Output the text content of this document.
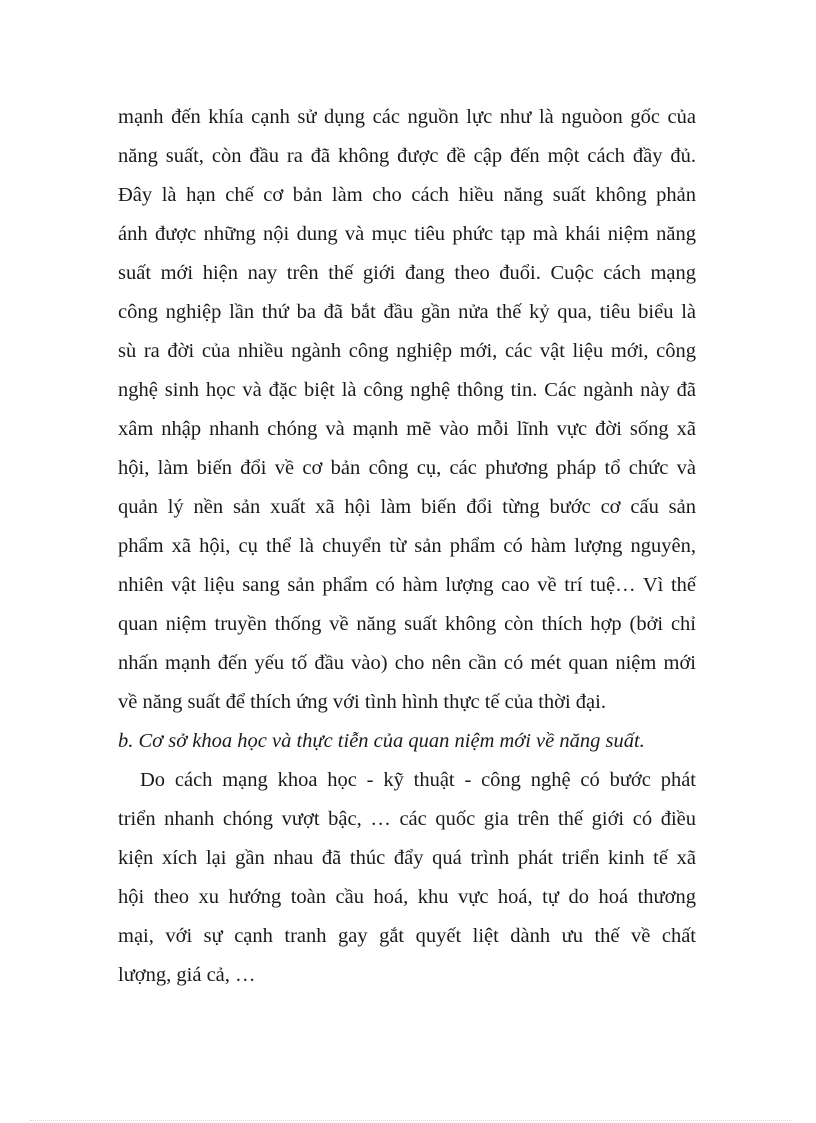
mạnh đến khía cạnh sử dụng các nguồn lực như là nguòon gốc của
năng suất, còn đầu ra đã không được đề cập đến một cách đầy đủ.
Đây là hạn chế cơ bản làm cho cách hiều năng suất không phản
ánh được những nội dung và mục tiêu phức tạp mà khái niệm năng
suất mới hiện nay trên thế giới đang theo đuổi. Cuộc cách mạng
công nghiệp lần thứ ba đã bắt đầu gần nửa thế kỷ qua, tiêu biểu là
sù ra đời của nhiều ngành công nghiệp mới, các vật liệu mới, công
nghệ sinh học và đặc biệt là công nghệ thông tin. Các ngành này đã
xâm nhập nhanh chóng và mạnh mẽ vào mỗi lĩnh vực đời sống xã
hội, làm biến đổi về cơ bản công cụ, các phương pháp tổ chức và
quản lý nền sản xuất xã hội làm biến đổi từng bước cơ cấu sản
phẩm xã hội, cụ thể là chuyển từ sản phẩm có hàm lượng nguyên,
nhiên vật liệu sang sản phẩm có hàm lượng cao về trí tuệ… Vì thế
quan niệm truyền thống về năng suất không còn thích hợp (bởi chỉ
nhấn mạnh đến yếu tố đầu vào) cho nên cần có mét quan niệm mới
về năng suất để thích ứng với tình hình thực tế của thời đại.
b. Cơ sở khoa học và thực tiễn của quan niệm mới về năng suất.
Do cách mạng khoa học - kỹ thuật - công nghệ có bước phát
triển nhanh chóng vượt bậc, … các quốc gia trên thế giới có điều
kiện xích lại gần nhau đã thúc đẩy quá trình phát triển kinh tế xã
hội theo xu hướng toàn cầu hoá, khu vực hoá, tự do hoá thương
mại, với sự cạnh tranh gay gắt quyết liệt dành ưu thế về chất
lượng, giá cả, …
